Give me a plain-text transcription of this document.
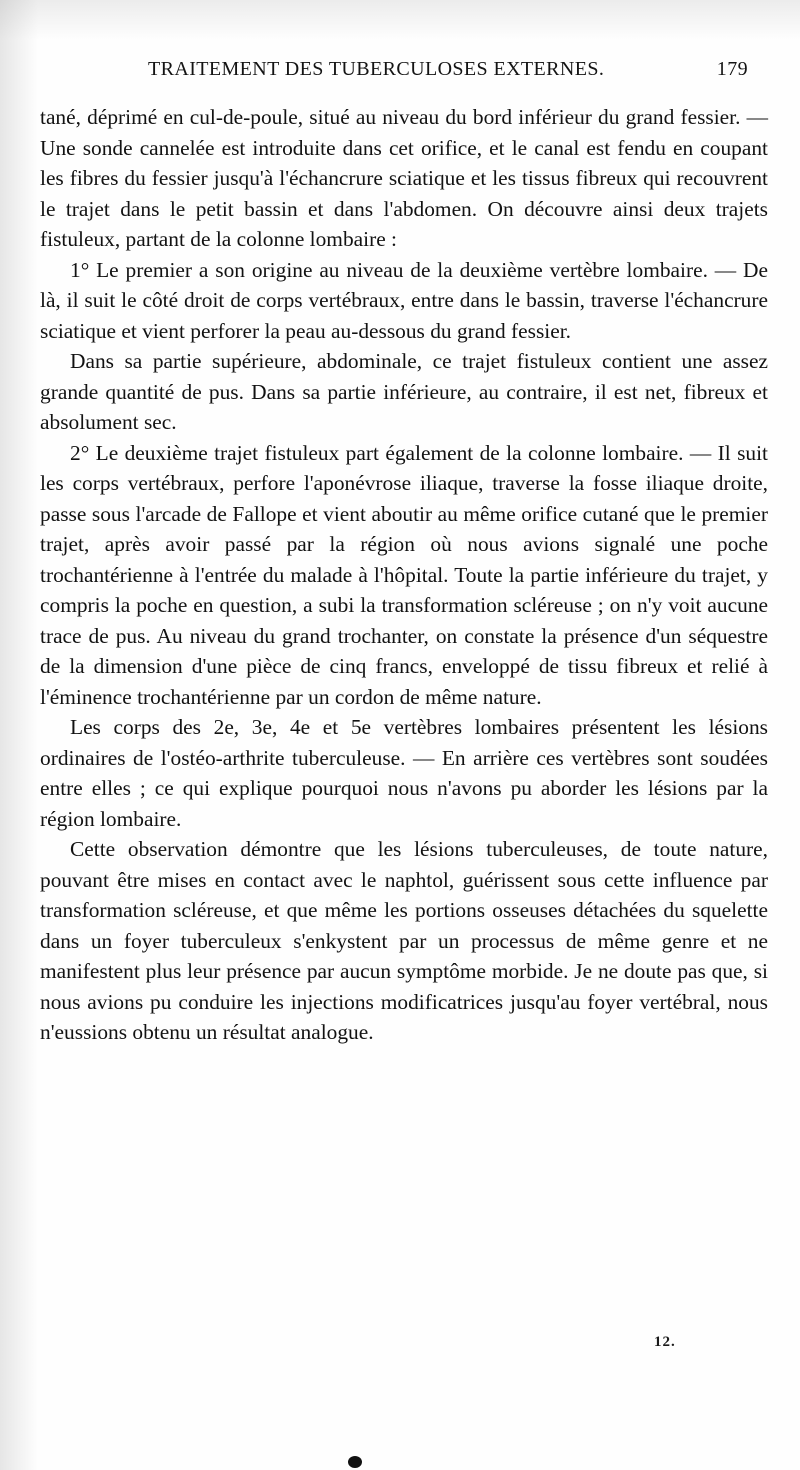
TRAITEMENT DES TUBERCULOSES EXTERNES.	179

tané, déprimé en cul-de-poule, situé au niveau du bord inférieur du grand fessier. — Une sonde cannelée est introduite dans cet orifice, et le canal est fendu en coupant les fibres du fessier jusqu'à l'échancrure sciatique et les tissus fibreux qui recouvrent le trajet dans le petit bassin et dans l'abdomen. On découvre ainsi deux trajets fistuleux, partant de la colonne lombaire :

1° Le premier a son origine au niveau de la deuxième vertèbre lombaire. — De là, il suit le côté droit de corps vertébraux, entre dans le bassin, traverse l'échancrure sciatique et vient perforer la peau au-dessous du grand fessier.

Dans sa partie supérieure, abdominale, ce trajet fistuleux contient une assez grande quantité de pus. Dans sa partie inférieure, au contraire, il est net, fibreux et absolument sec.

2° Le deuxième trajet fistuleux part également de la colonne lombaire. — Il suit les corps vertébraux, perfore l'aponévrose iliaque, traverse la fosse iliaque droite, passe sous l'arcade de Fallope et vient aboutir au même orifice cutané que le premier trajet, après avoir passé par la région où nous avions signalé une poche trochantérienne à l'entrée du malade à l'hôpital. Toute la partie inférieure du trajet, y compris la poche en question, a subi la transformation scléreuse ; on n'y voit aucune trace de pus. Au niveau du grand trochanter, on constate la présence d'un séquestre de la dimension d'une pièce de cinq francs, enveloppé de tissu fibreux et relié à l'éminence trochantérienne par un cordon de même nature.

Les corps des 2e, 3e, 4e et 5e vertèbres lombaires présentent les lésions ordinaires de l'ostéo-arthrite tuberculeuse. — En arrière ces vertèbres sont soudées entre elles ; ce qui explique pourquoi nous n'avons pu aborder les lésions par la région lombaire.

Cette observation démontre que les lésions tuberculeuses, de toute nature, pouvant être mises en contact avec le naphtol, guérissent sous cette influence par transformation scléreuse, et que même les portions osseuses détachées du squelette dans un foyer tuberculeux s'enkystent par un processus de même genre et ne manifestent plus leur présence par aucun symptôme morbide. Je ne doute pas que, si nous avions pu conduire les injections modificatrices jusqu'au foyer vertébral, nous n'eussions obtenu un résultat analogue.

12.
